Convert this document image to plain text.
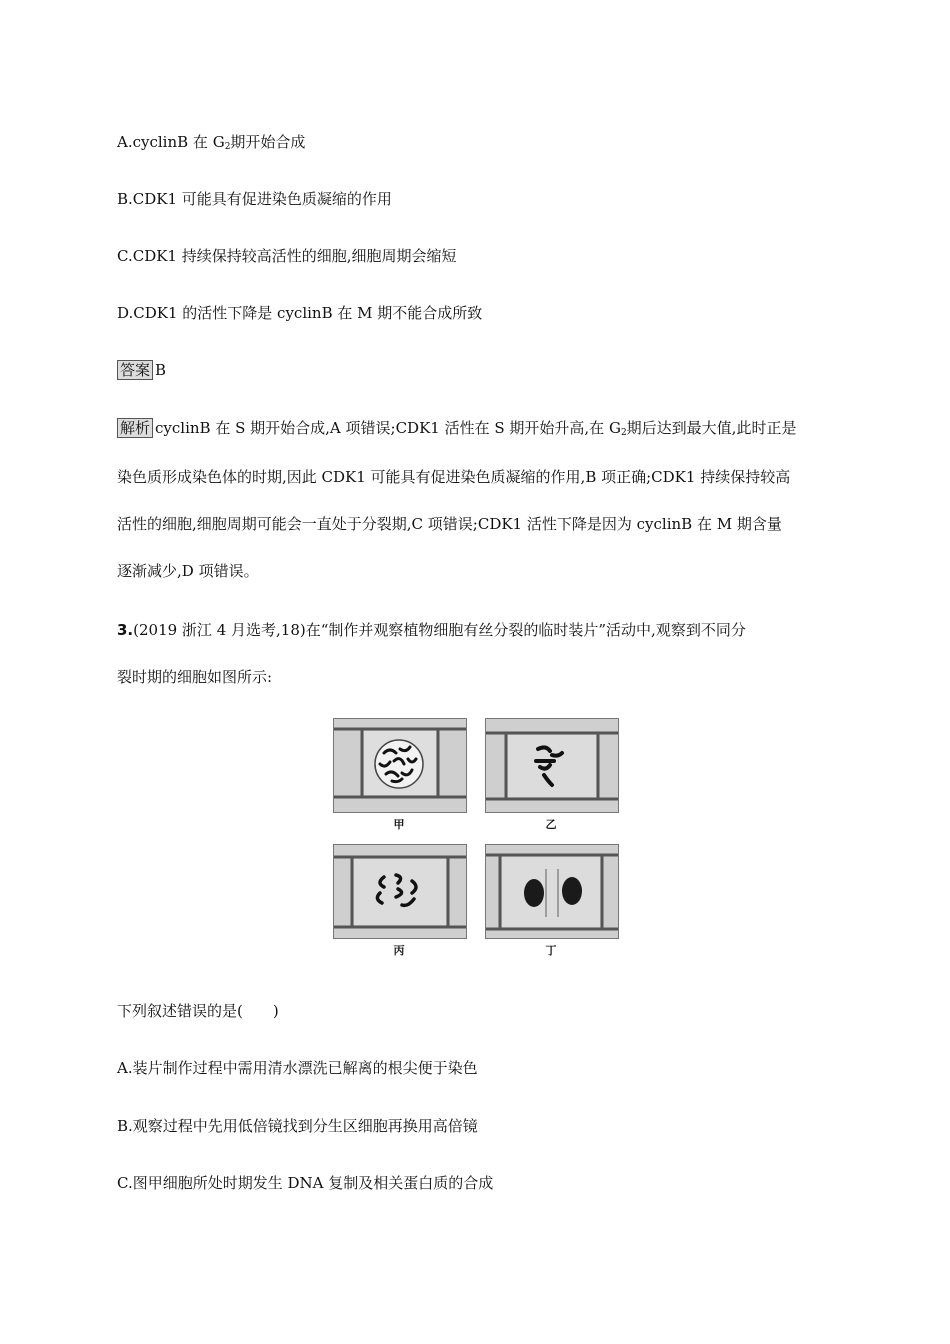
A.cyclinB 在 $G_2$期开始合成
B.CDK1 可能具有促进染色质凝缩的作用
C.CDK1 持续保持较高活性的细胞,细胞周期会缩短
D.CDK1 的活性下降是 cyclinB 在 M 期不能合成所致
答案 B
解析 cyclinB 在 S 期开始合成,A 项错误;CDK1 活性在 S 期开始升高,在 $G_2$期后达到最大值,此时正是
染色质形成染色体的时期,因此 CDK1 可能具有促进染色质凝缩的作用,B 项正确;CDK1 持续保持较高
活性的细胞,细胞周期可能会一直处于分裂期,C 项错误;CDK1 活性下降是因为 cyclinB 在 M 期含量
逐渐减少,D 项错误。
3.(2019 浙江 4 月选考,18)在“制作并观察植物细胞有丝分裂的临时装片”活动中,观察到不同分
裂时期的细胞如图所示:
甲	乙
丙	丁
下列叙述错误的是(　　)
A.装片制作过程中需用清水漂洗已解离的根尖便于染色
B.观察过程中先用低倍镜找到分生区细胞再换用高倍镜
C.图甲细胞所处时期发生 DNA 复制及相关蛋白质的合成
